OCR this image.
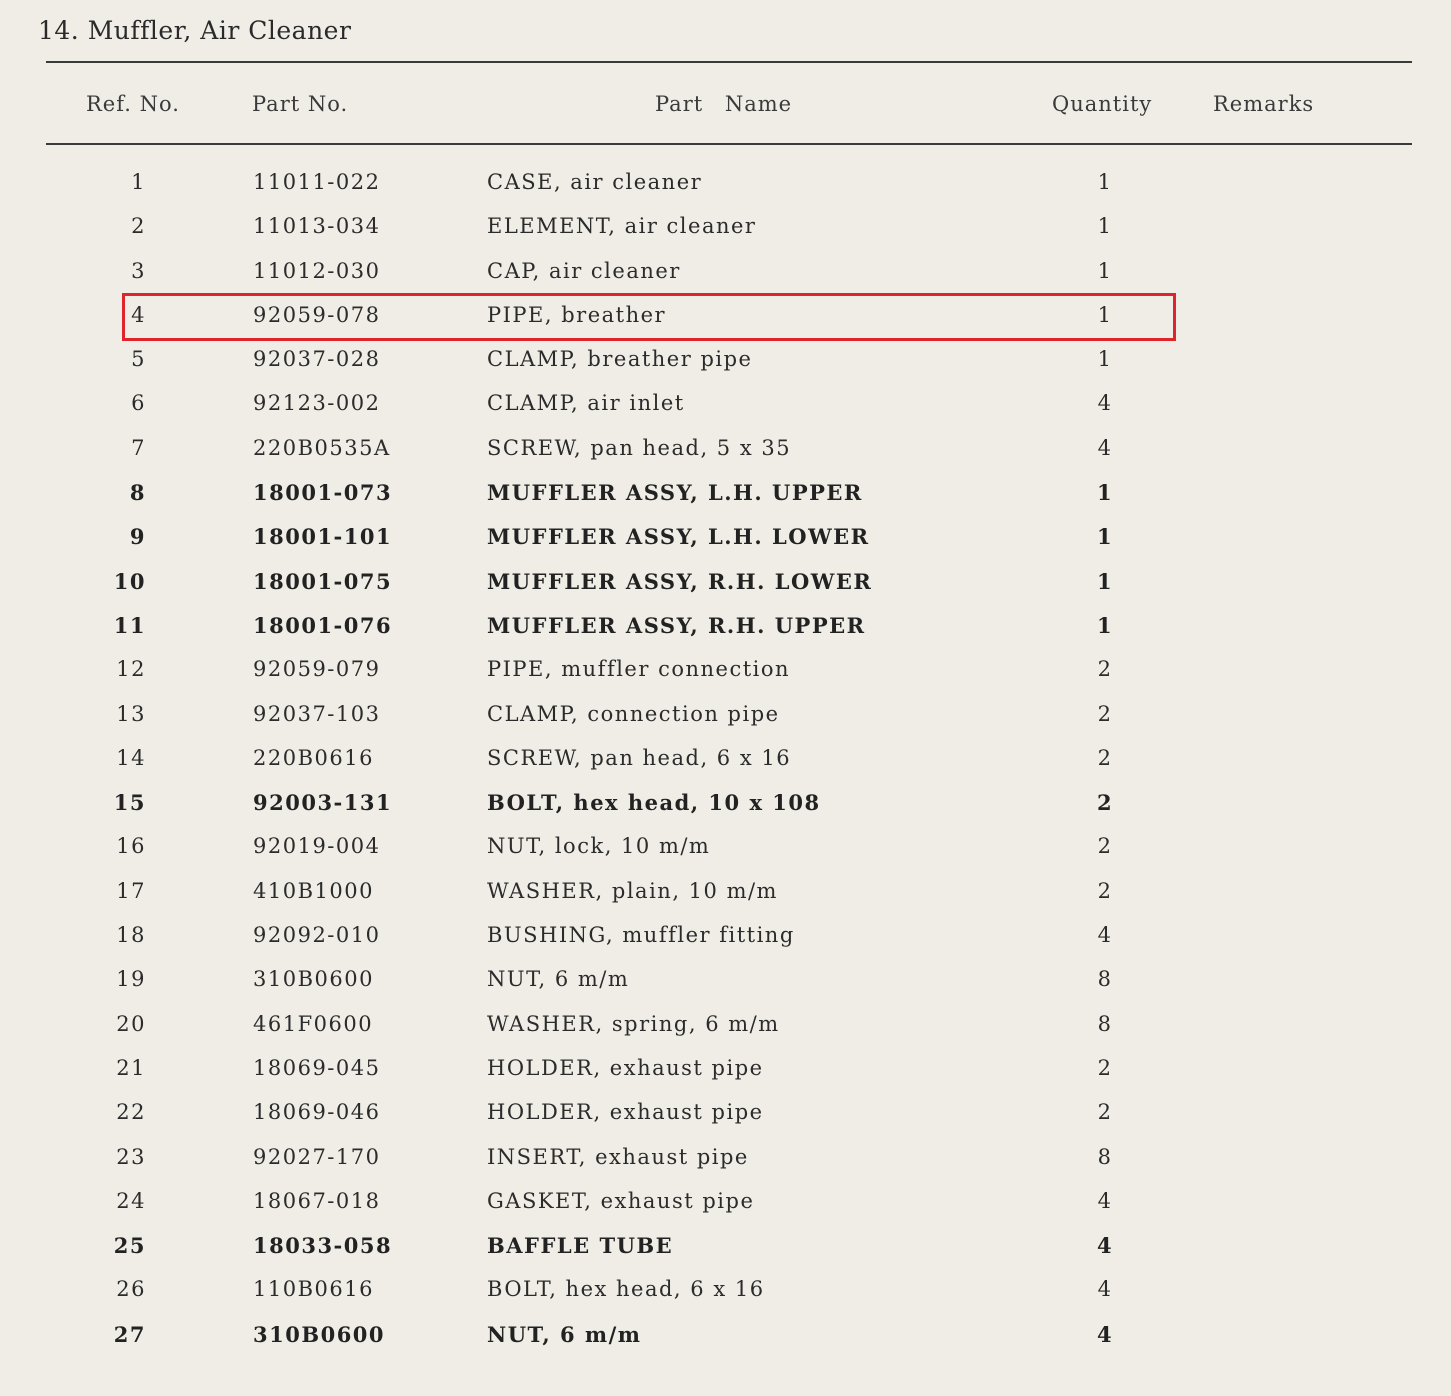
14. Muffler, Air Cleaner
Ref. No.	Part No.	Part Name	Quantity	Remarks
1	11011-022	CASE, air cleaner	1
2	11013-034	ELEMENT, air cleaner	1
3	11012-030	CAP, air cleaner	1
4	92059-078	PIPE, breather	1
5	92037-028	CLAMP, breather pipe	1
6	92123-002	CLAMP, air inlet	4
7	220B0535A	SCREW, pan head, 5 x 35	4
8	18001-073	MUFFLER ASSY, L.H. UPPER	1
9	18001-101	MUFFLER ASSY, L.H. LOWER	1
10	18001-075	MUFFLER ASSY, R.H. LOWER	1
11	18001-076	MUFFLER ASSY, R.H. UPPER	1
12	92059-079	PIPE, muffler connection	2
13	92037-103	CLAMP, connection pipe	2
14	220B0616	SCREW, pan head, 6 x 16	2
15	92003-131	BOLT, hex head, 10 x 108	2
16	92019-004	NUT, lock, 10 m/m	2
17	410B1000	WASHER, plain, 10 m/m	2
18	92092-010	BUSHING, muffler fitting	4
19	310B0600	NUT, 6 m/m	8
20	461F0600	WASHER, spring, 6 m/m	8
21	18069-045	HOLDER, exhaust pipe	2
22	18069-046	HOLDER, exhaust pipe	2
23	92027-170	INSERT, exhaust pipe	8
24	18067-018	GASKET, exhaust pipe	4
25	18033-058	BAFFLE TUBE	4
26	110B0616	BOLT, hex head, 6 x 16	4
27	310B0600	NUT, 6 m/m	4
